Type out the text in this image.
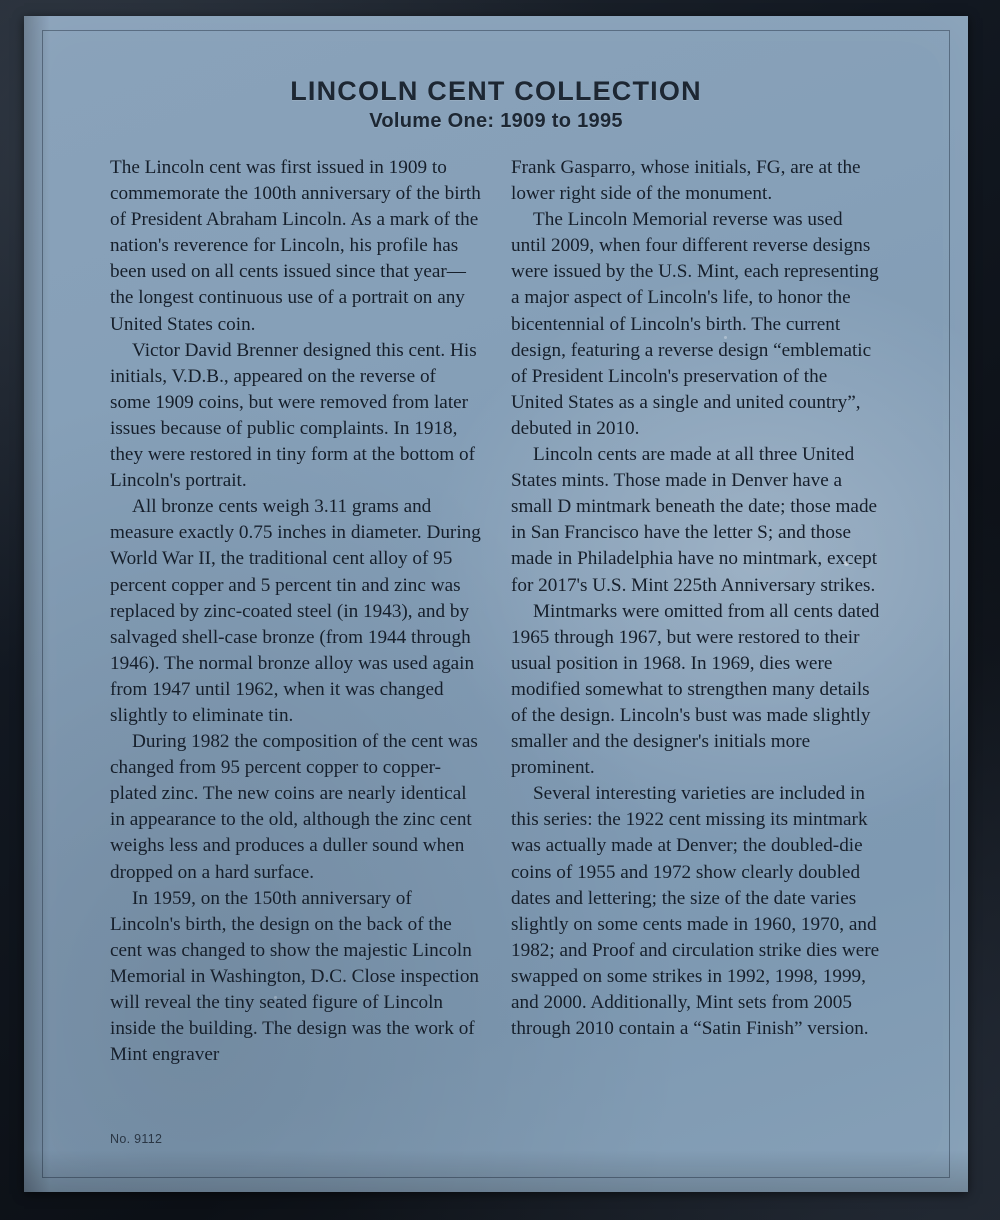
LINCOLN CENT COLLECTION
Volume One: 1909 to 1995

The Lincoln cent was first issued in 1909 to commemorate the 100th anniversary of the birth of President Abraham Lincoln. As a mark of the nation's reverence for Lincoln, his profile has been used on all cents issued since that year—the longest continuous use of a portrait on any United States coin.

Victor David Brenner designed this cent. His initials, V.D.B., appeared on the reverse of some 1909 coins, but were removed from later issues because of public complaints. In 1918, they were restored in tiny form at the bottom of Lincoln's portrait.

All bronze cents weigh 3.11 grams and measure exactly 0.75 inches in diameter. During World War II, the traditional cent alloy of 95 percent copper and 5 percent tin and zinc was replaced by zinc-coated steel (in 1943), and by salvaged shell-case bronze (from 1944 through 1946). The normal bronze alloy was used again from 1947 until 1962, when it was changed slightly to eliminate tin.

During 1982 the composition of the cent was changed from 95 percent copper to copper-plated zinc. The new coins are nearly identical in appearance to the old, although the zinc cent weighs less and produces a duller sound when dropped on a hard surface.

In 1959, on the 150th anniversary of Lincoln's birth, the design on the back of the cent was changed to show the majestic Lincoln Memorial in Washington, D.C. Close inspection will reveal the tiny seated figure of Lincoln inside the building. The design was the work of Mint engraver

Frank Gasparro, whose initials, FG, are at the lower right side of the monument.

The Lincoln Memorial reverse was used until 2009, when four different reverse designs were issued by the U.S. Mint, each representing a major aspect of Lincoln's life, to honor the bicentennial of Lincoln's birth. The current design, featuring a reverse design “emblematic of President Lincoln's preservation of the United States as a single and united country”, debuted in 2010.

Lincoln cents are made at all three United States mints. Those made in Denver have a small D mintmark beneath the date; those made in San Francisco have the letter S; and those made in Philadelphia have no mintmark, except for 2017's U.S. Mint 225th Anniversary strikes.

Mintmarks were omitted from all cents dated 1965 through 1967, but were restored to their usual position in 1968. In 1969, dies were modified somewhat to strengthen many details of the design. Lincoln's bust was made slightly smaller and the designer's initials more prominent.

Several interesting varieties are included in this series: the 1922 cent missing its mintmark was actually made at Denver; the doubled-die coins of 1955 and 1972 show clearly doubled dates and lettering; the size of the date varies slightly on some cents made in 1960, 1970, and 1982; and Proof and circulation strike dies were swapped on some strikes in 1992, 1998, 1999, and 2000. Additionally, Mint sets from 2005 through 2010 contain a “Satin Finish” version.

No. 9112
